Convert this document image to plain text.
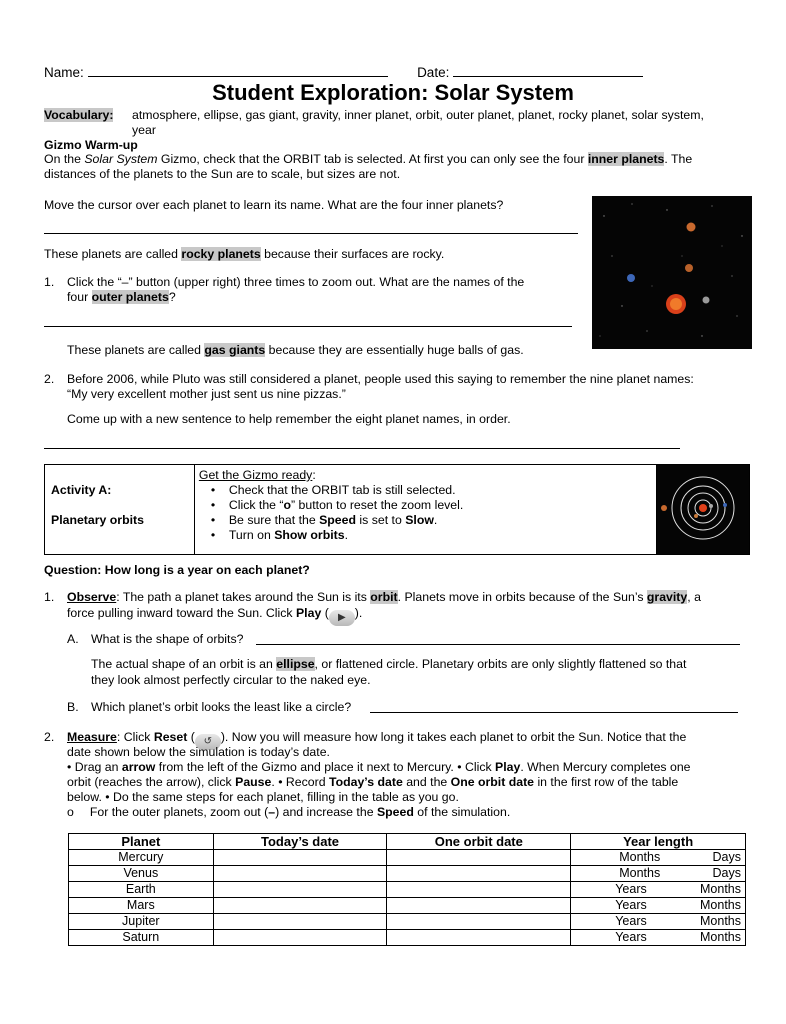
Name:	Date:
Student Exploration: Solar System
Vocabulary: atmosphere, ellipse, gas giant, gravity, inner planet, orbit, outer planet, planet, rocky planet, solar system,
year
Gizmo Warm-up
On the Solar System Gizmo, check that the ORBIT tab is selected. At first you can only see the four inner planets. The
distances of the planets to the Sun are to scale, but sizes are not.
Move the cursor over each planet to learn its name. What are the four inner planets?
These planets are called rocky planets because their surfaces are rocky.
1. Click the “–” button (upper right) three times to zoom out. What are the names of the
four outer planets?
These planets are called gas giants because they are essentially huge balls of gas.
2. Before 2006, while Pluto was still considered a planet, people used this saying to remember the nine planet names:
“My very excellent mother just sent us nine pizzas.”
Come up with a new sentence to help remember the eight planet names, in order.
Activity A:
Planetary orbits

Get the Gizmo ready:
•    Check that the ORBIT tab is still selected.
•    Click the “o” button to reset the zoom level.
•    Be sure that the Speed is set to Slow.
•    Turn on Show orbits.

Question: How long is a year on each planet?
1. Observe: The path a planet takes around the Sun is its orbit. Planets move in orbits because of the Sun’s gravity, a
force pulling inward toward the Sun. Click Play ( ▶ ).
A. What is the shape of orbits?
The actual shape of an orbit is an ellipse, or flattened circle. Planetary orbits are only slightly flattened so that
they look almost perfectly circular to the naked eye.
B. Which planet’s orbit looks the least like a circle?
2. Measure: Click Reset ( ↺ ). Now you will measure how long it takes each planet to orbit the Sun. Notice that the
date shown below the simulation is today’s date.
• Drag an arrow from the left of the Gizmo and place it next to Mercury. • Click Play. When Mercury completes one
orbit (reaches the arrow), click Pause. • Record Today’s date and the One orbit date in the first row of the table
below. • Do the same steps for each planet, filling in the table as you go.
o For the outer planets, zoom out (–) and increase the Speed of the simulation.
Planet	Today’s date	One orbit date	Year length
Mercury			Months Days

Venus			Months Days

Earth			Years Months

Mars			Years Months

Jupiter			Years Months

Saturn			Years Months
